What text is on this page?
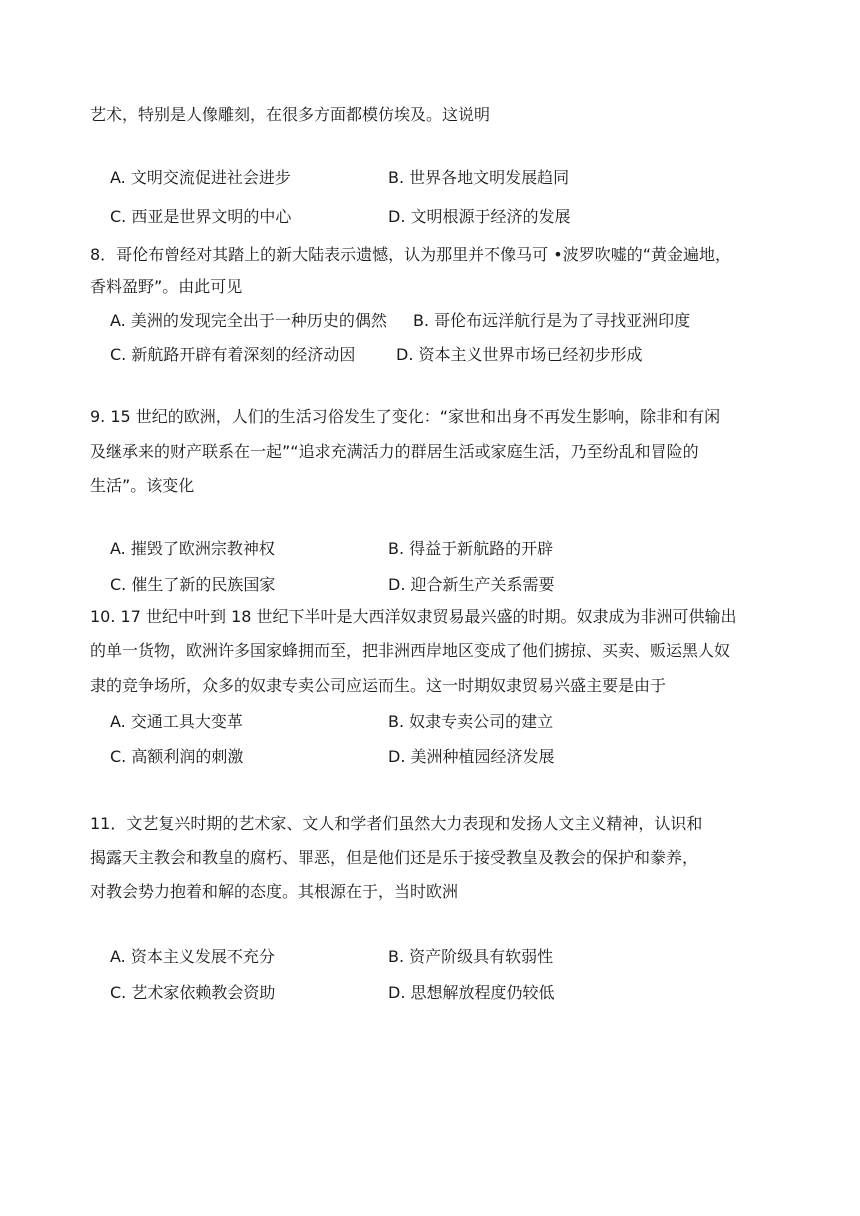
艺术，特别是人像雕刻，在很多方面都模仿埃及。这说明
A. 文明交流促进社会进步	B. 世界各地文明发展趋同
C. 西亚是世界文明的中心	D. 文明根源于经济的发展
8．哥伦布曾经对其踏上的新大陆表示遗憾，认为那里并不像马可 •波罗吹嘘的“黄金遍地，
香料盈野”。由此可见
A. 美洲的发现完全出于一种历史的偶然 B. 哥伦布远洋航行是为了寻找亚洲印度
C. 新航路开辟有着深刻的经济动因	D. 资本主义世界市场已经初步形成
9. 15 世纪的欧洲，人们的生活习俗发生了变化：“家世和出身不再发生影响，除非和有闲
及继承来的财产联系在一起”“追求充满活力的群居生活或家庭生活，乃至纷乱和冒险的
生活”。该变化
A. 摧毁了欧洲宗教神权	B. 得益于新航路的开辟
C. 催生了新的民族国家	D. 迎合新生产关系需要
10. 17 世纪中叶到 18 世纪下半叶是大西洋奴隶贸易最兴盛的时期。奴隶成为非洲可供输出
的单一货物，欧洲许多国家蜂拥而至，把非洲西岸地区变成了他们掳掠、买卖、贩运黑人奴
隶的竞争场所，众多的奴隶专卖公司应运而生。这一时期奴隶贸易兴盛主要是由于
A. 交通工具大变革	B. 奴隶专卖公司的建立
C. 高额利润的刺激	D. 美洲种植园经济发展
11．文艺复兴时期的艺术家、文人和学者们虽然大力表现和发扬人文主义精神，认识和
揭露天主教会和教皇的腐朽、罪恶，但是他们还是乐于接受教皇及教会的保护和豢养，
对教会势力抱着和解的态度。其根源在于，当时欧洲
A. 资本主义发展不充分	B. 资产阶级具有软弱性
C. 艺术家依赖教会资助	D. 思想解放程度仍较低
